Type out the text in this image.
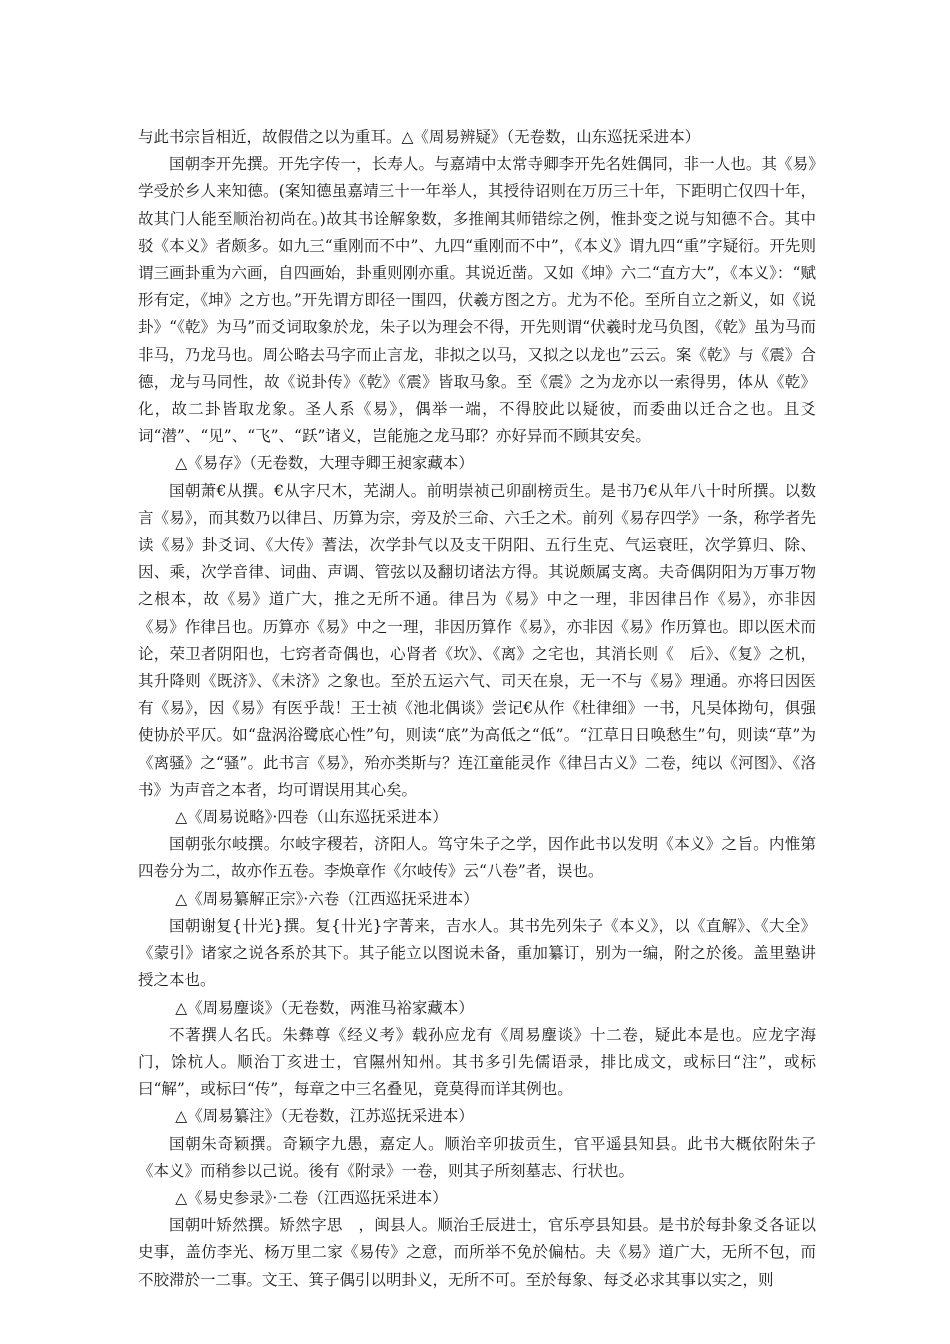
与此书宗旨相近，故假借之以为重耳。△《周易辨疑》（无卷数，山东巡抚采进本）

国朝李开先撰。开先字传一，长寿人。与嘉靖中太常寺卿李开先名姓偶同，非一人也。其《易》学受於乡人来知德。(案知德虽嘉靖三十一年举人，其授待诏则在万历三十年，下距明亡仅四十年，故其门人能至顺治初尚在。)故其书诠解象数，多推阐其师错综之例，惟卦变之说与知德不合。其中驳《本义》者颇多。如九三“重刚而不中”、九四“重刚而不中”，《本义》谓九四“重”字疑衍。开先则谓三画卦重为六画，自四画始，卦重则刚亦重。其说近凿。又如《坤》六二“直方大”，《本义》：“赋形有定，《坤》之方也。”开先谓方即径一围四，伏羲方图之方。尤为不伦。至所自立之新义，如《说卦》“《乾》为马”而爻词取象於龙，朱子以为理会不得，开先则谓“伏羲时龙马负图，《乾》虽为马而非马，乃龙马也。周公略去马字而止言龙，非拟之以马，又拟之以龙也”云云。案《乾》与《震》合德，龙与马同性，故《说卦传》《乾》《震》皆取马象。至《震》之为龙亦以一索得男，体从《乾》化，故二卦皆取龙象。圣人系《易》，偶举一端，不得胶此以疑彼，而委曲以迁合之也。且爻词“潜”、“见”、“飞”、“跃”诸义，岂能施之龙马耶？亦好异而不顾其安矣。

△《易存》（无卷数，大理寺卿王昶家藏本）

国朝萧€从撰。€从字尺木，芜湖人。前明崇祯己卯副榜贡生。是书乃€从年八十时所撰。以数言《易》，而其数乃以律吕、历算为宗，旁及於三命、六壬之术。前列《易存四学》一条，称学者先读《易》卦爻词、《大传》蓍法，次学卦气以及支干阴阳、五行生克、气运衰旺，次学算归、除、因、乘，次学音律、词曲、声调、管弦以及翻切诸法方得。其说颇属支离。夫奇偶阴阳为万事万物之根本，故《易》道广大，推之无所不通。律吕为《易》中之一理，非因律吕作《易》，亦非因《易》作律吕也。历算亦《易》中之一理，非因历算作《易》，亦非因《易》作历算也。即以医术而论，荣卫者阴阳也，七窍者奇偶也，心肾者《坎》、《离》之宅也，其消长则《　后》、《复》之机，其升降则《既济》、《未济》之象也。至於五运六气、司天在泉，无一不与《易》理通。亦将曰因医有《易》，因《易》有医乎哉！王士祯《池北偶谈》尝记€从作《杜律细》一书，凡吴体拗句，俱强使协於平仄。如“盘涡浴鹭底心性”句，则读“底”为高低之“低”。“江草日日唤愁生”句，则读“草”为《离骚》之“骚”。此书言《易》，殆亦类斯与？连江童能灵作《律吕古义》二卷，纯以《河图》、《洛书》为声音之本者，均可谓误用其心矣。

△《周易说略》·四卷（山东巡抚采进本）

国朝张尔岐撰。尔岐字稷若，济阳人。笃守朱子之学，因作此书以发明《本义》之旨。内惟第四卷分为二，故亦作五卷。李焕章作《尔岐传》云“八卷”者，误也。

△《周易纂解正宗》·六卷（江西巡抚采进本）

国朝谢复{卄光}撰。复{卄光}字菁来，吉水人。其书先列朱子《本义》，以《直解》、《大全》《蒙引》诸家之说各系於其下。其子能立以图说未备，重加纂订，别为一编，附之於後。盖里塾讲授之本也。

△《周易麈谈》（无卷数，两淮马裕家藏本）

不著撰人名氏。朱彝尊《经义考》载孙应龙有《周易麈谈》十二卷，疑此本是也。应龙字海门，馀杭人。顺治丁亥进士，官隰州知州。其书多引先儒语录，排比成文，或标曰“注”，或标曰“解”，或标曰“传”，每章之中三名叠见，竟莫得而详其例也。

△《周易纂注》（无卷数，江苏巡抚采进本）

国朝朱奇颖撰。奇颖字九愚，嘉定人。顺治辛卯拔贡生，官平遥县知县。此书大概依附朱子《本义》而稍参以己说。後有《附录》一卷，则其子所刻墓志、行状也。

△《易史参录》·二卷（江西巡抚采进本）

国朝叶矫然撰。矫然字思　，闽县人。顺治壬辰进士，官乐亭县知县。是书於每卦象爻各证以史事，盖仿李光、杨万里二家《易传》之意，而所举不免於偏枯。夫《易》道广大，无所不包，而不胶滞於一二事。文王、箕子偶引以明卦义，无所不可。至於每象、每爻必求其事以实之，则
